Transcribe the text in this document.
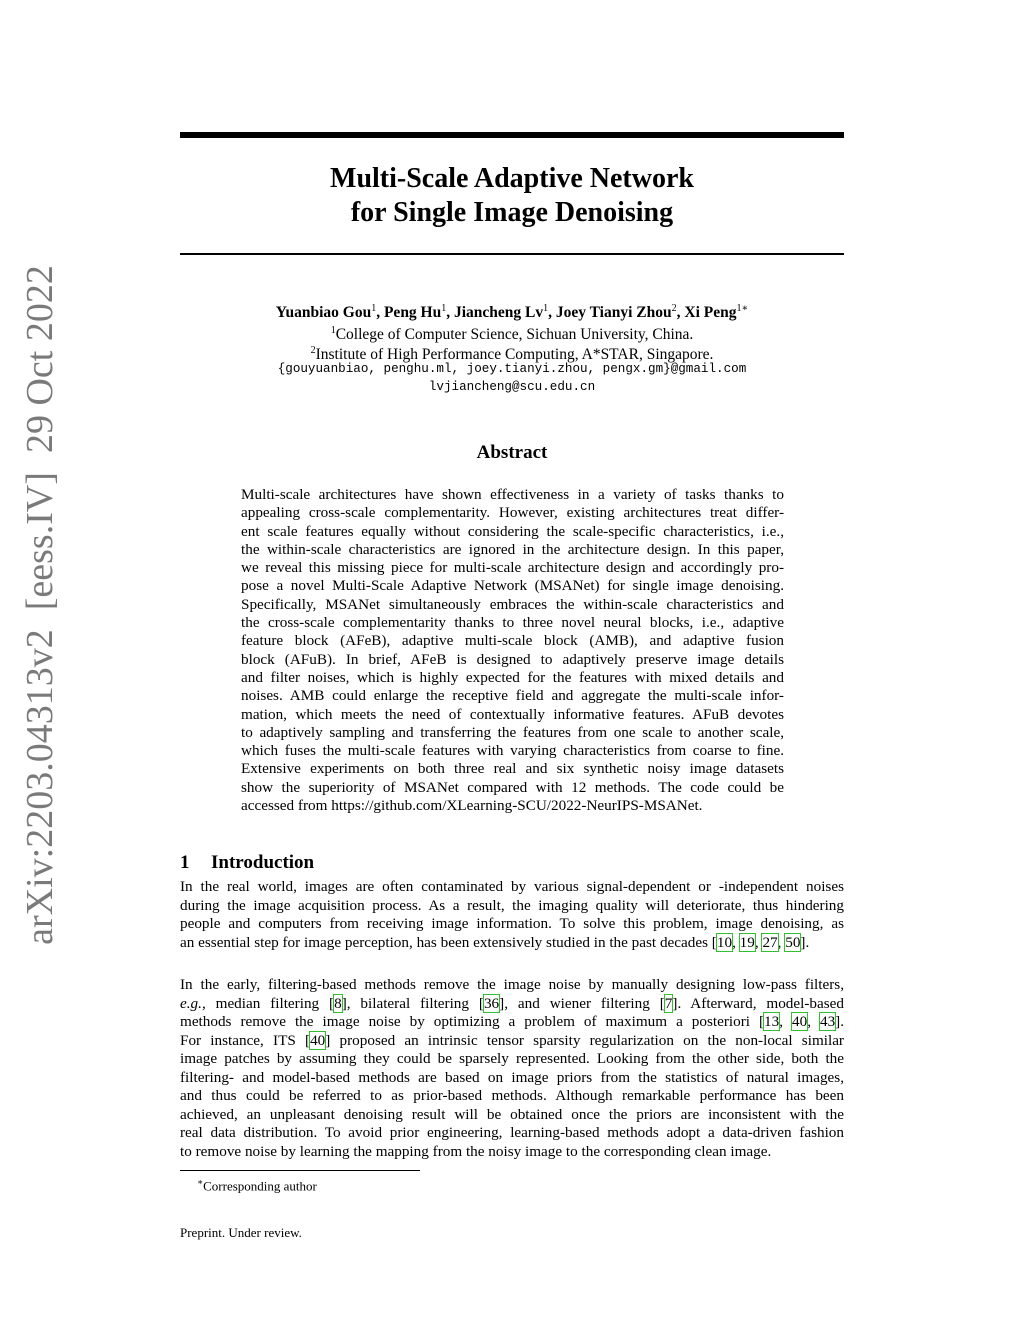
arXiv:2203.04313v2  [eess.IV]  29 Oct 2022
Multi-Scale Adaptive Network
for Single Image Denoising
Yuanbiao Gou$^1$, Peng Hu$^1$, Jiancheng Lv$^1$, Joey Tianyi Zhou$^2$, Xi Peng$^{1∗}$
$^1$College of Computer Science, Sichuan University, China.
$^2$Institute of High Performance Computing, A*STAR, Singapore.
{gouyuanbiao, penghu.ml, joey.tianyi.zhou, pengx.gm}@gmail.com
lvjiancheng@scu.edu.cn
Abstract
Multi-scale architectures have shown effectiveness in a variety of tasks thanks to
appealing cross-scale complementarity. However, existing architectures treat differ-
ent scale features equally without considering the scale-specific characteristics, i.e.,
the within-scale characteristics are ignored in the architecture design. In this paper,
we reveal this missing piece for multi-scale architecture design and accordingly pro-
pose a novel Multi-Scale Adaptive Network (MSANet) for single image denoising.
Specifically, MSANet simultaneously embraces the within-scale characteristics and
the cross-scale complementarity thanks to three novel neural blocks, i.e., adaptive
feature block (AFeB), adaptive multi-scale block (AMB), and adaptive fusion
block (AFuB). In brief, AFeB is designed to adaptively preserve image details
and filter noises, which is highly expected for the features with mixed details and
noises. AMB could enlarge the receptive field and aggregate the multi-scale infor-
mation, which meets the need of contextually informative features. AFuB devotes
to adaptively sampling and transferring the features from one scale to another scale,
which fuses the multi-scale features with varying characteristics from coarse to fine.
Extensive experiments on both three real and six synthetic noisy image datasets
show the superiority of MSANet compared with 12 methods. The code could be
accessed from https://github.com/XLearning-SCU/2022-NeurIPS-MSANet.
1 Introduction
In the real world, images are often contaminated by various signal-dependent or -independent noises
during the image acquisition process. As a result, the imaging quality will deteriorate, thus hindering
people and computers from receiving image information. To solve this problem, image denoising, as
an essential step for image perception, has been extensively studied in the past decades [10, 19, 27, 50].
In the early, filtering-based methods remove the image noise by manually designing low-pass filters,
e.g., median filtering [8], bilateral filtering [36], and wiener filtering [7]. Afterward, model-based
methods remove the image noise by optimizing a problem of maximum a posteriori [13, 40, 43].
For instance, ITS [40] proposed an intrinsic tensor sparsity regularization on the non-local similar
image patches by assuming they could be sparsely represented. Looking from the other side, both the
filtering- and model-based methods are based on image priors from the statistics of natural images,
and thus could be referred to as prior-based methods. Although remarkable performance has been
achieved, an unpleasant denoising result will be obtained once the priors are inconsistent with the
real data distribution. To avoid prior engineering, learning-based methods adopt a data-driven fashion
to remove noise by learning the mapping from the noisy image to the corresponding clean image.
∗Corresponding author
Preprint. Under review.
